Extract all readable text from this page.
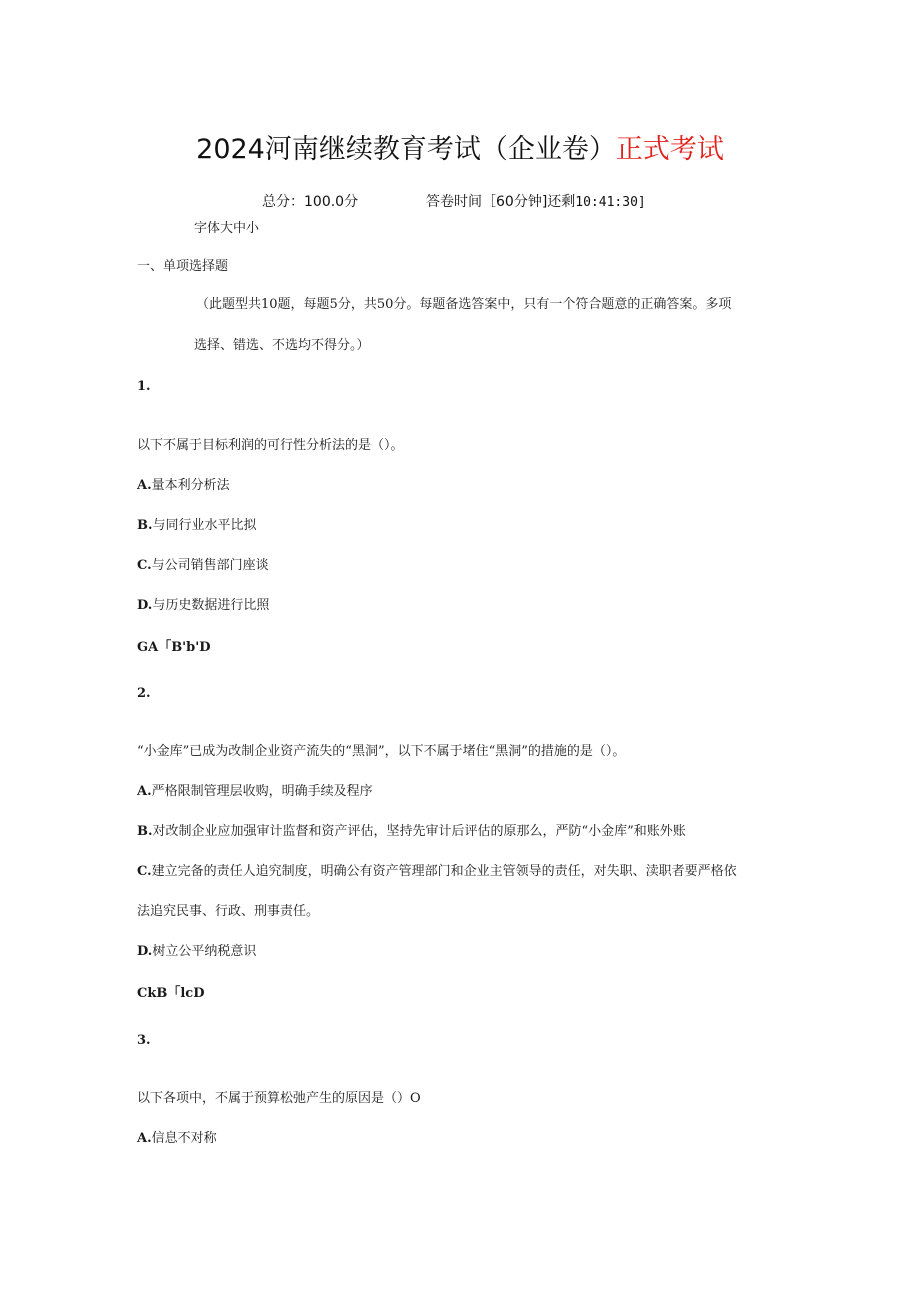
2024河南继续教育考试（企业卷）正式考试
总分：100.0分	答卷时间［60分钟]还剩10:41:30]
字体大中小
一、单项选择题
（此题型共10题，每题5分，共50分。每题备选答案中，只有一个符合题意的正确答案。多项
选择、错选、不选均不得分。）
1.
以下不属于目标利润的可行性分析法的是（）。
A.量本利分析法
B.与同行业水平比拟
C.与公司销售部门座谈
D.与历史数据进行比照
GA「B'b'D
2.
“小金库”已成为改制企业资产流失的“黑洞”，以下不属于堵住“黑洞”的措施的是（）。
A.严格限制管理层收购，明确手续及程序
B.对改制企业应加强审计监督和资产评估，坚持先审计后评估的原那么，严防“小金库”和账外账
C.建立完备的责任人追究制度，明确公有资产管理部门和企业主管领导的责任，对失职、渎职者要严格依
法追究民事、行政、刑事责任。
D.树立公平纳税意识
CkB「lcD
3.
以下各项中，不属于预算松弛产生的原因是（）O
A.信息不对称
